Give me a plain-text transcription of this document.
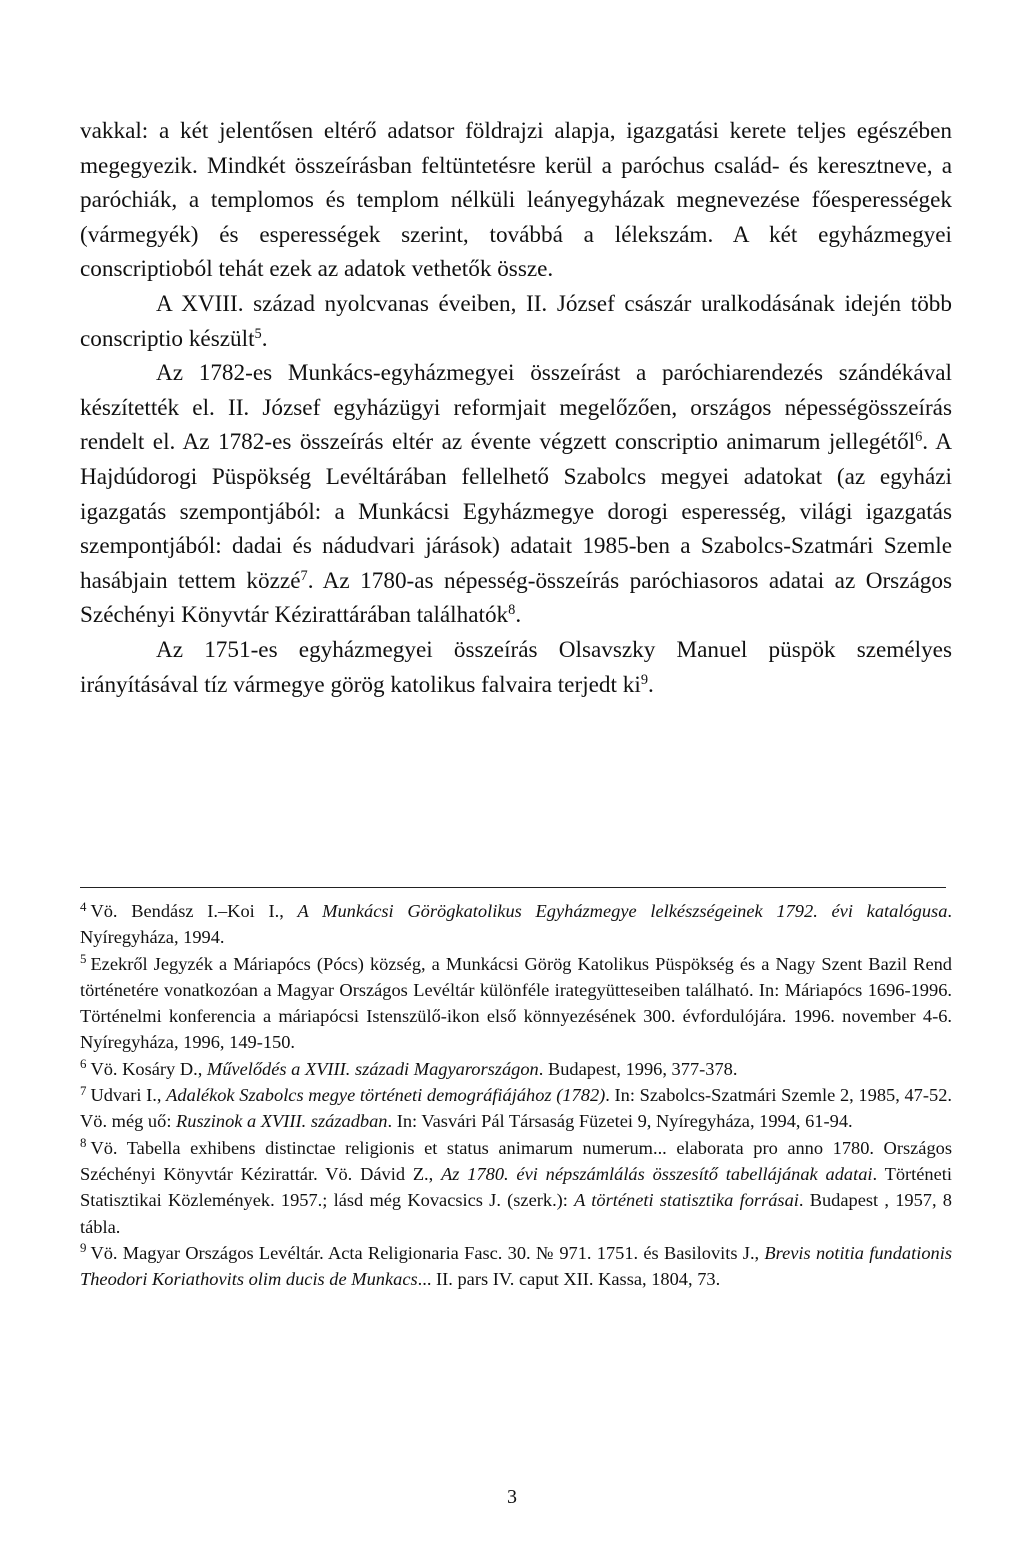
vakkal: a két jelentősen eltérő adatsor földrajzi alapja, igazgatási kerete teljes egészében megegyezik. Mindkét összeírásban feltüntetésre kerül a paróchus család- és keresztneve, a paróchiák, a templomos és templom nélküli leányegyházak megnevezése főesperességek (vármegyék) és esperességek szerint, továbbá a lélekszám. A két egyházmegyei conscriptioból tehát ezek az adatok vethetők össze.

A XVIII. század nyolcvanas éveiben, II. József császár uralkodásának idején több conscriptio készült$^5$.

Az 1782-es Munkács-egyházmegyei összeírást a paróchiarendezés szándékával készítették el. II. József egyházügyi reformjait megelőzően, országos népességösszeírás rendelt el. Az 1782-es összeírás eltér az évente végzett conscriptio animarum jellegétől$^6$. A Hajdúdorogi Püspökség Levéltárában fellelhető Szabolcs megyei adatokat (az egyházi igazgatás szempontjából: a Munkácsi Egyházmegye dorogi esperesség, világi igazgatás szempontjából: dadai és nádudvari járások) adatait 1985-ben a Szabolcs-Szatmári Szemle hasábjain tettem közzé$^7$. Az 1780-as népesség-összeírás paróchiasoros adatai az Országos Széchényi Könyvtár Kézirattárában találhatók$^8$.

Az 1751-es egyházmegyei összeírás Olsavszky Manuel püspök személyes irányításával tíz vármegye görög katolikus falvaira terjedt $ki^9$.

$^4$ Vö. Bendász I.–Koi I., A Munkácsi Görögkatolikus Egyházmegye lelkészségeinek 1792. évi katalógusa. Nyíregyháza, 1994.

$^5$ Ezekről Jegyzék a Máriapócs (Pócs) község, a Munkácsi Görög Katolikus Püspökség és a Nagy Szent Bazil Rend történetére vonatkozóan a Magyar Országos Levéltár különféle irategyütteseiben található. In: Máriapócs 1696-1996. Történelmi konferencia a máriapócsi Istenszülő-ikon első könnyezésének 300. évfordulójára. 1996. november 4-6. Nyíregyháza, 1996, 149-150.

$^6$ Vö. Kosáry D., Művelődés a XVIII. századi Magyarországon. Budapest, 1996, 377-378.

$^7$ Udvari I., Adalékok Szabolcs megye történeti demográfiájához (1782). In: Szabolcs-Szatmári Szemle 2, 1985, 47-52. Vö. még uő: Ruszinok a XVIII. században. In: Vasvári Pál Társaság Füzetei 9, Nyíregyháza, 1994, 61-94.

$^8$ Vö. Tabella exhibens distinctae religionis et status animarum numerum... elaborata pro anno 1780. Országos Széchényi Könyvtár Kézirattár. Vö. Dávid Z., Az 1780. évi népszámlálás összesítő tabellájának adatai. Történeti Statisztikai Közlemények. 1957.; lásd még Kovacsics J. (szerk.): A történeti statisztika forrásai. Budapest , 1957, 8 tábla.

$^9$ Vö. Magyar Országos Levéltár. Acta Religionaria Fasc. 30. № 971. 1751. és Basilovits J., Brevis notitia fundationis Theodori Koriathovits olim ducis de Munkacs... II. pars IV. caput XII. Kassa, 1804, 73.

3
